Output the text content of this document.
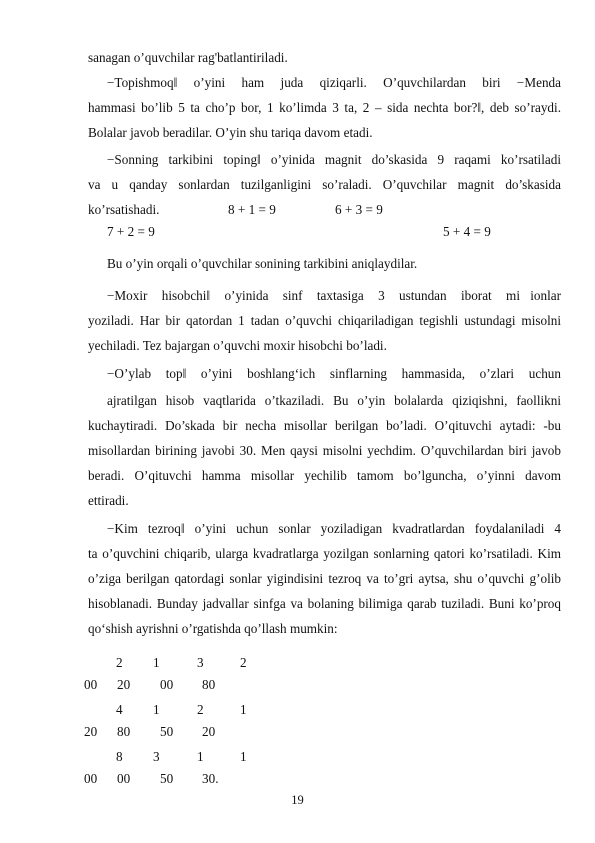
sanagan o’quvchilar rag'batlantiriladi.
−Topishmoq‖ o’yini ham juda qiziqarli. O’quvchilardan biri −Menda
hammasi bo’lib 5 ta cho’p bor, 1 ko’limda 3 ta, 2 – sida nechta bor?‖, deb so’raydi.
Bolalar javob beradilar. O’yin shu tariqa davom etadi.
−Sonning tarkibini toping‖ o’yinida magnit do’skasida 9 raqami ko’rsatiladi
va u qanday sonlardan tuzilganligini so’raladi. O’quvchilar magnit do’skasida
ko’rsatishadi.	8 + 1 = 9	6 + 3 = 9
7 + 2 = 9	5 + 4 = 9
Bu o’yin orqali o’quvchilar sonining tarkibini aniqlaydilar.
−Moxir hisobchi‖ o’yinida sinf taxtasiga 3 ustundan iborat mi ionlar
yoziladi. Har bir qatordan 1 tadan o’quvchi chiqariladigan tegishli ustundagi misolni
yechiladi. Tez bajargan o’quvchi moxir hisobchi bo’ladi.
−O’ylab top‖ o’yini boshlang‘ich sinflarning hammasida, o’zlari uchun
ajratilgan hisob vaqtlarida o’tkaziladi. Bu o’yin bolalarda qiziqishni, faollikni
kuchaytiradi. Do’skada bir necha misollar berilgan bo’ladi. O’qituvchi aytadi: -bu
misollardan birining javobi 30. Men qaysi misolni yechdim. O’quvchilardan biri javob
beradi. O’qituvchi hamma misollar yechilib tamom bo’lguncha, o’yinni davom
ettiradi.
−Kim tezroq‖ o’yini uchun sonlar yoziladigan kvadratlardan foydalaniladi 4
ta o’quvchini chiqarib, ularga kvadratlarga yozilgan sonlarning qatori ko’rsatiladi. Kim
o’ziga berilgan qatordagi sonlar yigindisini tezroq va to’gri aytsa, shu o’quvchi g’olib
hisoblanadi. Bunday jadvallar sinfga va bolaning bilimiga qarab tuziladi. Buni ko’proq
qo‘shish ayrishni o’rgatishda qo’llash mumkin:
2 1	3	2
00 20 00 80
4 1	2	1
20 80 50 20
8 3	1	1
00 00 50 30.
19
